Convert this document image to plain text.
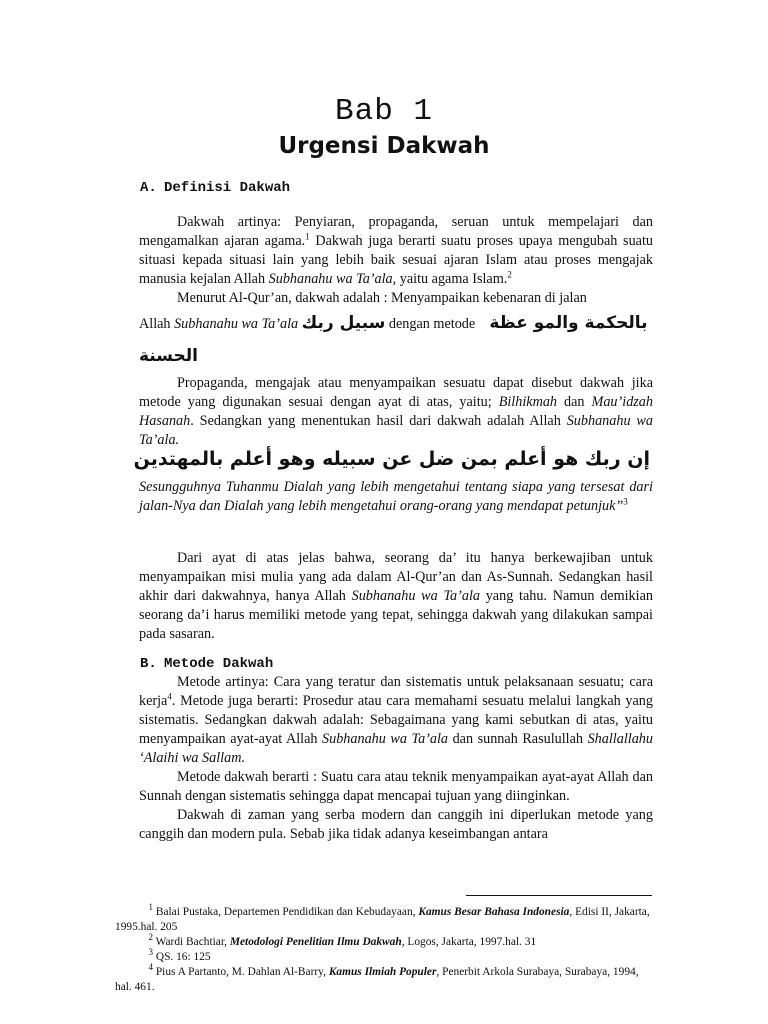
Bab 1
Urgensi Dakwah
A. Definisi Dakwah

Dakwah artinya: Penyiaran, propaganda, seruan untuk mempelajari dan mengamalkan ajaran agama.$^1$ Dakwah juga berarti suatu proses upaya mengubah suatu situasi kepada situasi lain yang lebih baik sesuai ajaran Islam atau proses mengajak manusia kejalan Allah Subhanahu wa Ta’ala, yaitu agama Islam.$^2$

Menurut Al-Qur’an, dakwah adalah : Menyampaikan kebenaran di jalan

Allah Subhanahu wa Ta’ala سبيل ربك dengan metode    بالحكمة والمو عظة

الحسنة

Propaganda, mengajak atau menyampaikan sesuatu dapat disebut dakwah jika metode yang digunakan sesuai dengan ayat di atas, yaitu; Bilhikmah dan Mau’idzah Hasanah. Sedangkan yang menentukan hasil dari dakwah adalah Allah Subhanahu wa Ta’ala.

إن ربك هو أعلم بمن ضل عن سبيله وهو أعلم بالمهتدين
Sesungguhnya Tuhanmu Dialah yang lebih mengetahui tentang siapa yang tersesat dari jalan-Nya dan Dialah yang lebih mengetahui orang-orang yang mendapat petunjuk”$^3$

Dari ayat di atas jelas bahwa, seorang da’ itu hanya berkewajiban untuk menyampaikan misi mulia yang ada dalam Al-Qur’an dan As-Sunnah. Sedangkan hasil akhir dari dakwahnya, hanya Allah Subhanahu wa Ta’ala yang tahu. Namun demikian seorang da’i harus memiliki metode yang tepat, sehingga dakwah yang dilakukan sampai pada sasaran.

B. Metode Dakwah

Metode artinya: Cara yang teratur dan sistematis untuk pelaksanaan sesuatu; cara kerja$^4$. Metode juga berarti: Prosedur atau cara memahami sesuatu melalui langkah yang sistematis. Sedangkan dakwah adalah: Sebagaimana yang kami sebutkan di atas, yaitu menyampaikan ayat-ayat Allah Subhanahu wa Ta’ala dan sunnah Rasulullah Shallallahu ‘Alaihi wa Sallam.

Metode dakwah berarti : Suatu cara atau teknik menyampaikan ayat-ayat Allah dan Sunnah dengan sistematis sehingga dapat mencapai tujuan yang diinginkan.

Dakwah di zaman yang serba modern dan canggih ini diperlukan metode yang canggih dan modern pula. Sebab jika tidak adanya keseimbangan antara

$^1$ Balai Pustaka, Departemen Pendidikan dan Kebudayaan, Kamus Besar Bahasa Indonesia, Edisi II, Jakarta, 1995.hal. 205
$^2$ Wardi Bachtiar, Metodologi Penelitian Ilmu Dakwah, Logos, Jakarta, 1997.hal. 31
$^3$ QS. 16: 125
$^4$ Pius A Partanto, M. Dahlan Al-Barry, Kamus Ilmiah Populer, Penerbit Arkola Surabaya, Surabaya, 1994, hal. 461.
